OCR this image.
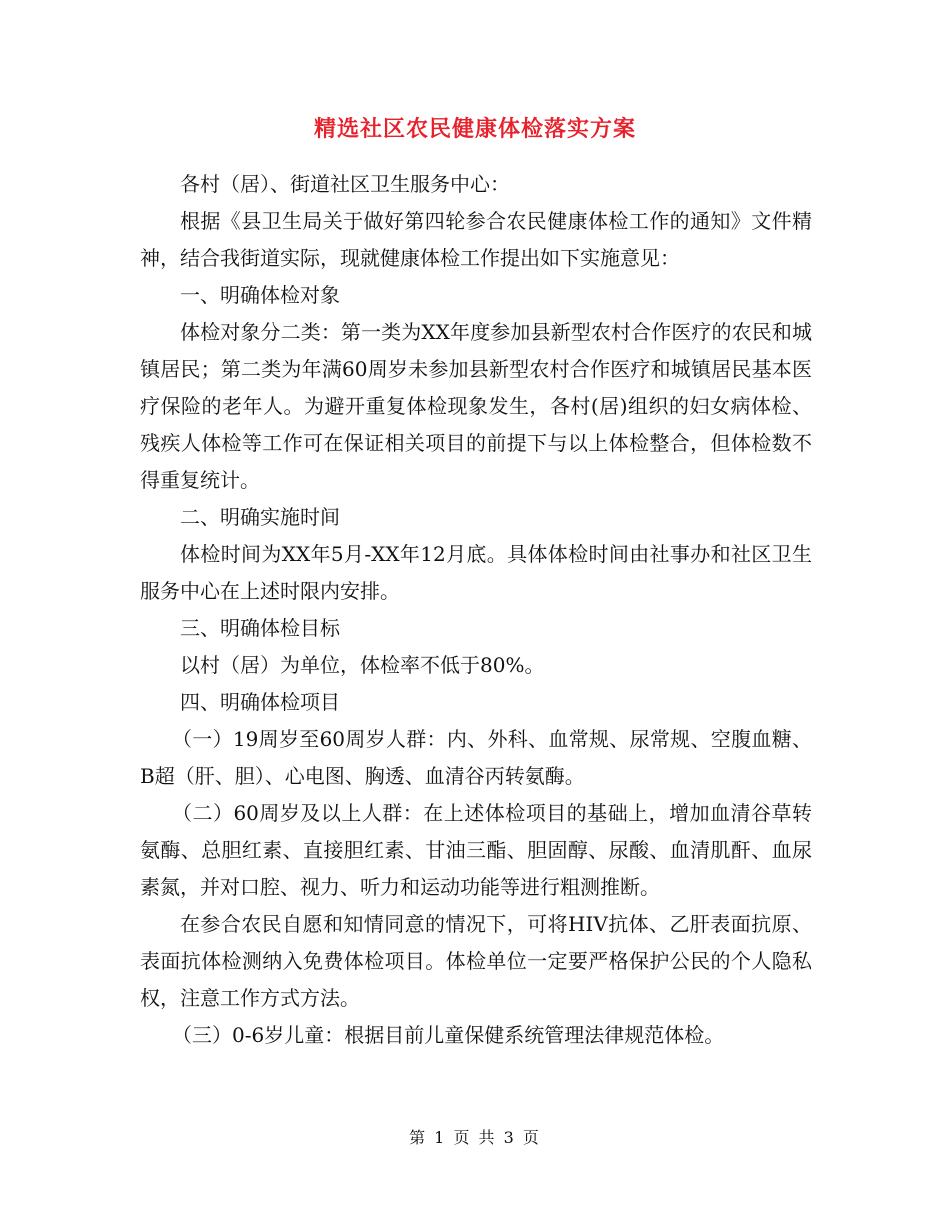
精选社区农民健康体检落实方案

各村（居）、街道社区卫生服务中心：

根据《县卫生局关于做好第四轮参合农民健康体检工作的通知》文件精神，结合我街道实际，现就健康体检工作提出如下实施意见：

一、明确体检对象

体检对象分二类：第一类为XX年度参加县新型农村合作医疗的农民和城镇居民；第二类为年满60周岁未参加县新型农村合作医疗和城镇居民基本医疗保险的老年人。为避开重复体检现象发生，各村(居)组织的妇女病体检、残疾人体检等工作可在保证相关项目的前提下与以上体检整合，但体检数不得重复统计。

二、明确实施时间

体检时间为XX年5月-XX年12月底。具体体检时间由社事办和社区卫生服务中心在上述时限内安排。

三、明确体检目标

以村（居）为单位，体检率不低于80%。

四、明确体检项目

（一）19周岁至60周岁人群：内、外科、血常规、尿常规、空腹血糖、B超（肝、胆）、心电图、胸透、血清谷丙转氨酶。

（二）60周岁及以上人群：在上述体检项目的基础上，增加血清谷草转氨酶、总胆红素、直接胆红素、甘油三酯、胆固醇、尿酸、血清肌酐、血尿素氮，并对口腔、视力、听力和运动功能等进行粗测推断。

在参合农民自愿和知情同意的情况下，可将HIV抗体、乙肝表面抗原、表面抗体检测纳入免费体检项目。体检单位一定要严格保护公民的个人隐私权，注意工作方式方法。

（三）0-6岁儿童：根据目前儿童保健系统管理法律规范体检。

第 1 页 共 3 页
